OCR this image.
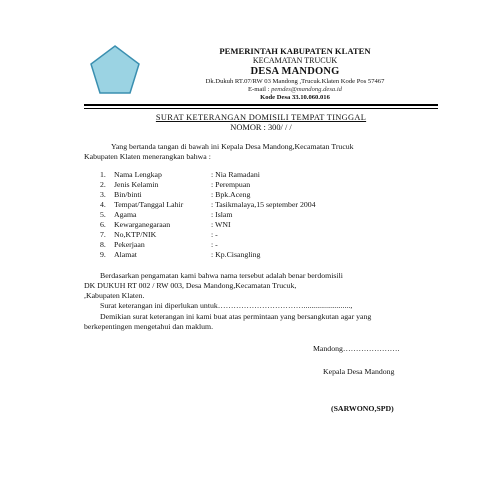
PEMERINTAH KABUPATEN KLATEN
KECAMATAN TRUCUK
DESA MANDONG
Dk.Dukuh RT.07/RW 03 Mandong ,Trucuk.Klaten Kode Pos 57467
E-mail : pemdes@mandong.desa.id
Kode Desa 33.10.060.016
SURAT KETERANGAN DOMISILI TEMPAT TINGGAL
NOMOR : 300/ / /
Yang bertanda tangan di bawah ini Kepala Desa Mandong,Kecamatan Trucuk
Kabupaten Klaten menerangkan bahwa :
1. Nama Lengkap	: Nia Ramadani
2. Jenis Kelamin	: Perempuan
3. Bin/binti	: Bpk.Aceng
4. Tempat/Tanggal Lahir	: Tasikmalaya,15 september 2004
5. Agama	: Islam
6. Kewarganegaraan	: WNI
7. No,KTP/NIK	: -
8. Pekerjaan	: -
9. Alamat	: Kp.Cisangling
Berdasarkan pengamatan kami bahwa nama tersebut adalah benar berdomisili
DK DUKUH RT 002 / RW 003, Desa Mandong,Kecamatan Trucuk,
,Kabupaten Klaten.
Surat keterangan ini diperlukan untuk……………………………........................,
Demikian surat keterangan ini kami buat atas permintaan yang bersangkutan agar yang
berkepentingen mengetahui dan maklum.
Mandong………………….
Kepala Desa Mandong
(SARWONO,SPD)
